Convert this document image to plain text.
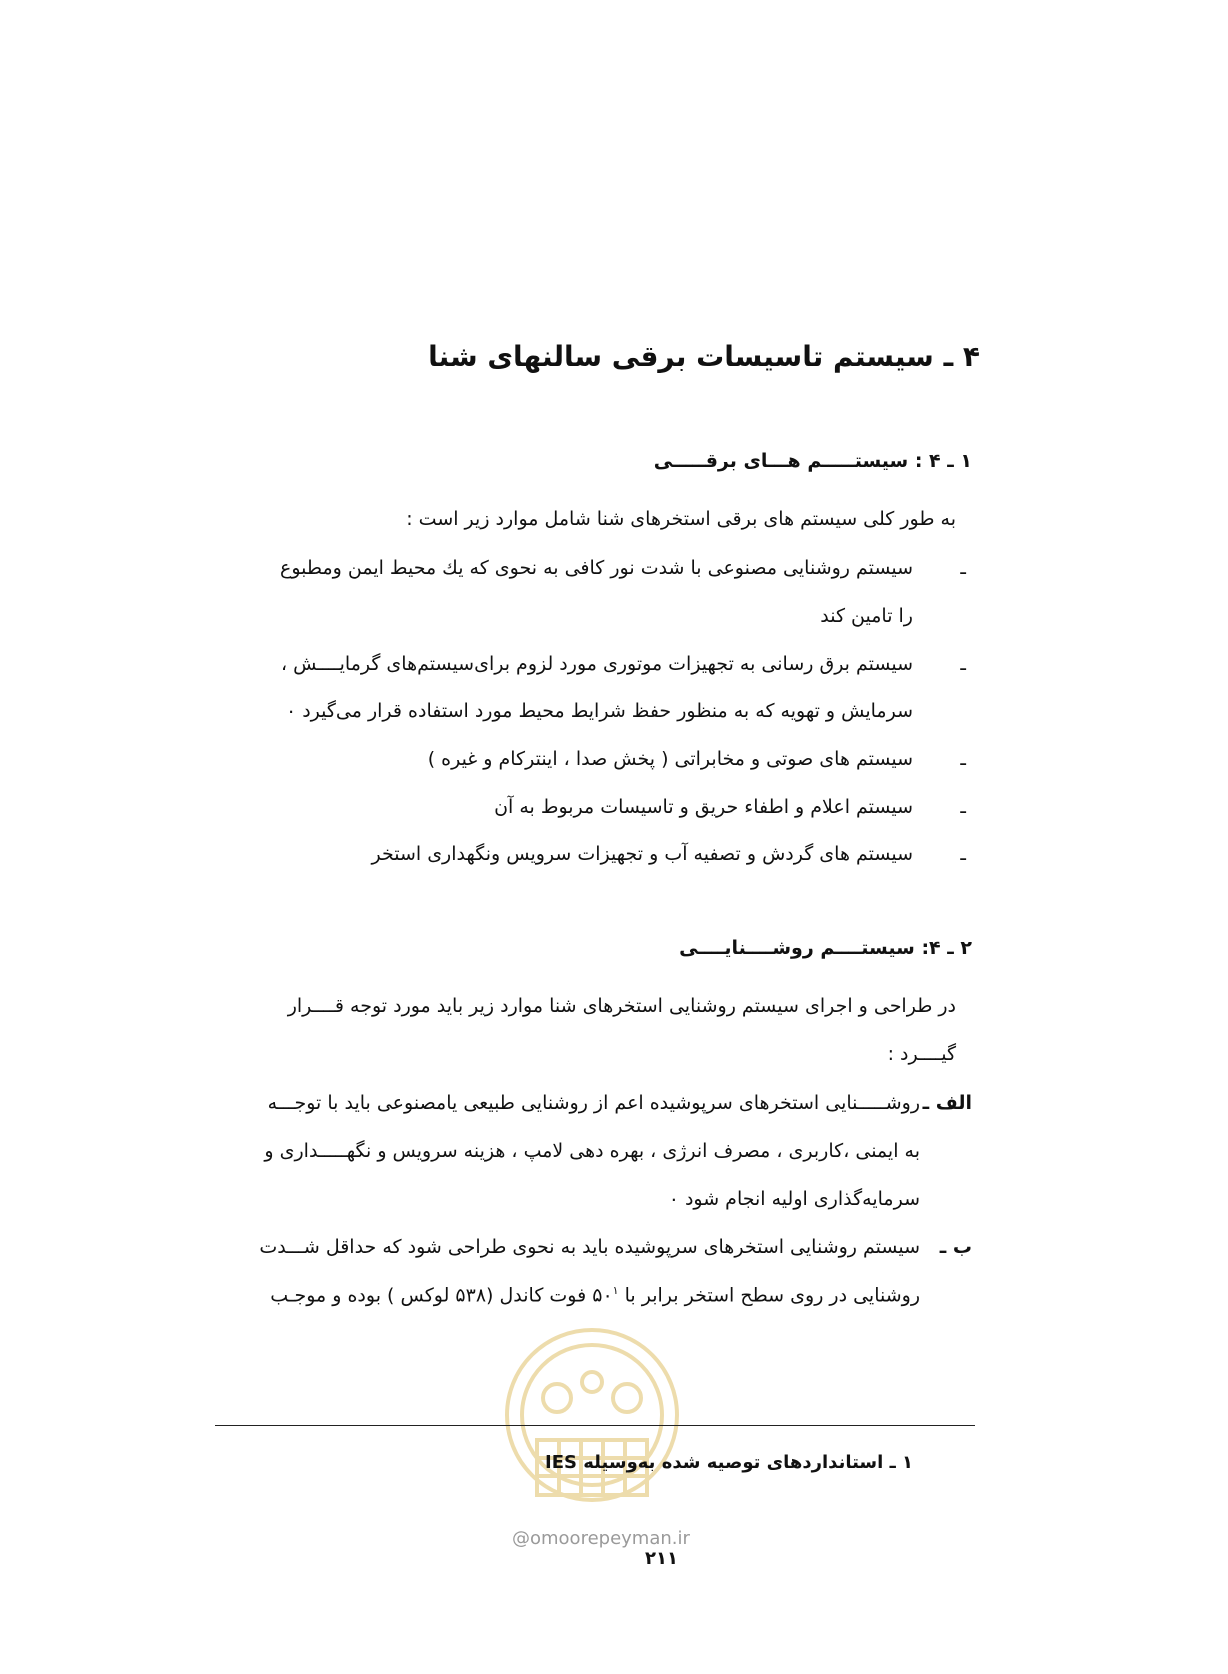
۴ ـ سیستم تاسیسات برقی سالنهای شنا
۱ ـ ۴ : سیستـــــم هـــای برقـــــی
به طور کلی سیستم های برقی استخرهای شنا شامل موارد زیر است :
ـ
سیستم روشنایی مصنوعی با شدت نور کافی به نحوی که یك محیط ایمن ومطبوع
را تامین کند
ـ
سیستم برق رسانی به تجهیزات موتوری مورد لزوم برای‌سیستم‌های گرمایــــش ،
سرمایش و تهویه که به منظور حفظ شرایط محیط مورد استفاده قرار می‌گیرد ۰
ـ
سیستم های صوتی و مخابراتی ( پخش صدا ، اینترکام و غیره )
ـ
سیستم اعلام و اطفاء حریق و تاسیسات مربوط به آن
ـ
سیستم های گردش و تصفیه آب و تجهیزات سرویس ونگهداری استخر
۲ ـ ۴: سیستــــم روشــــنایــــی
در طراحی و اجرای سیستم روشنایی استخرهای شنا موارد زیر باید مورد توجه قــــرار
گیــــرد :
الف ـ
روشـــــنایی استخرهای سرپوشیده اعم از روشنایی طبیعی یامصنوعی باید با توجـــه
به ایمنی ،کاربری ، مصرف انرژی ، بهره دهی لامپ ، هزینه سرویس و نگهـــــداری و
سرمایه‌گذاری اولیه انجام شود ۰
ب ـ
سیستم روشنایی استخرهای سرپوشیده باید به نحوی طراحی شود که حداقل شـــدت
روشنایی در روی سطح استخر برابر با $۵۰^۱$ فوت کاندل (۵۳۸ لوکس ) بوده و موجـب
۱ ـ استانداردهای توصیه شده به‌وسیله IES
@omoorepeyman.ir
۲۱۱
